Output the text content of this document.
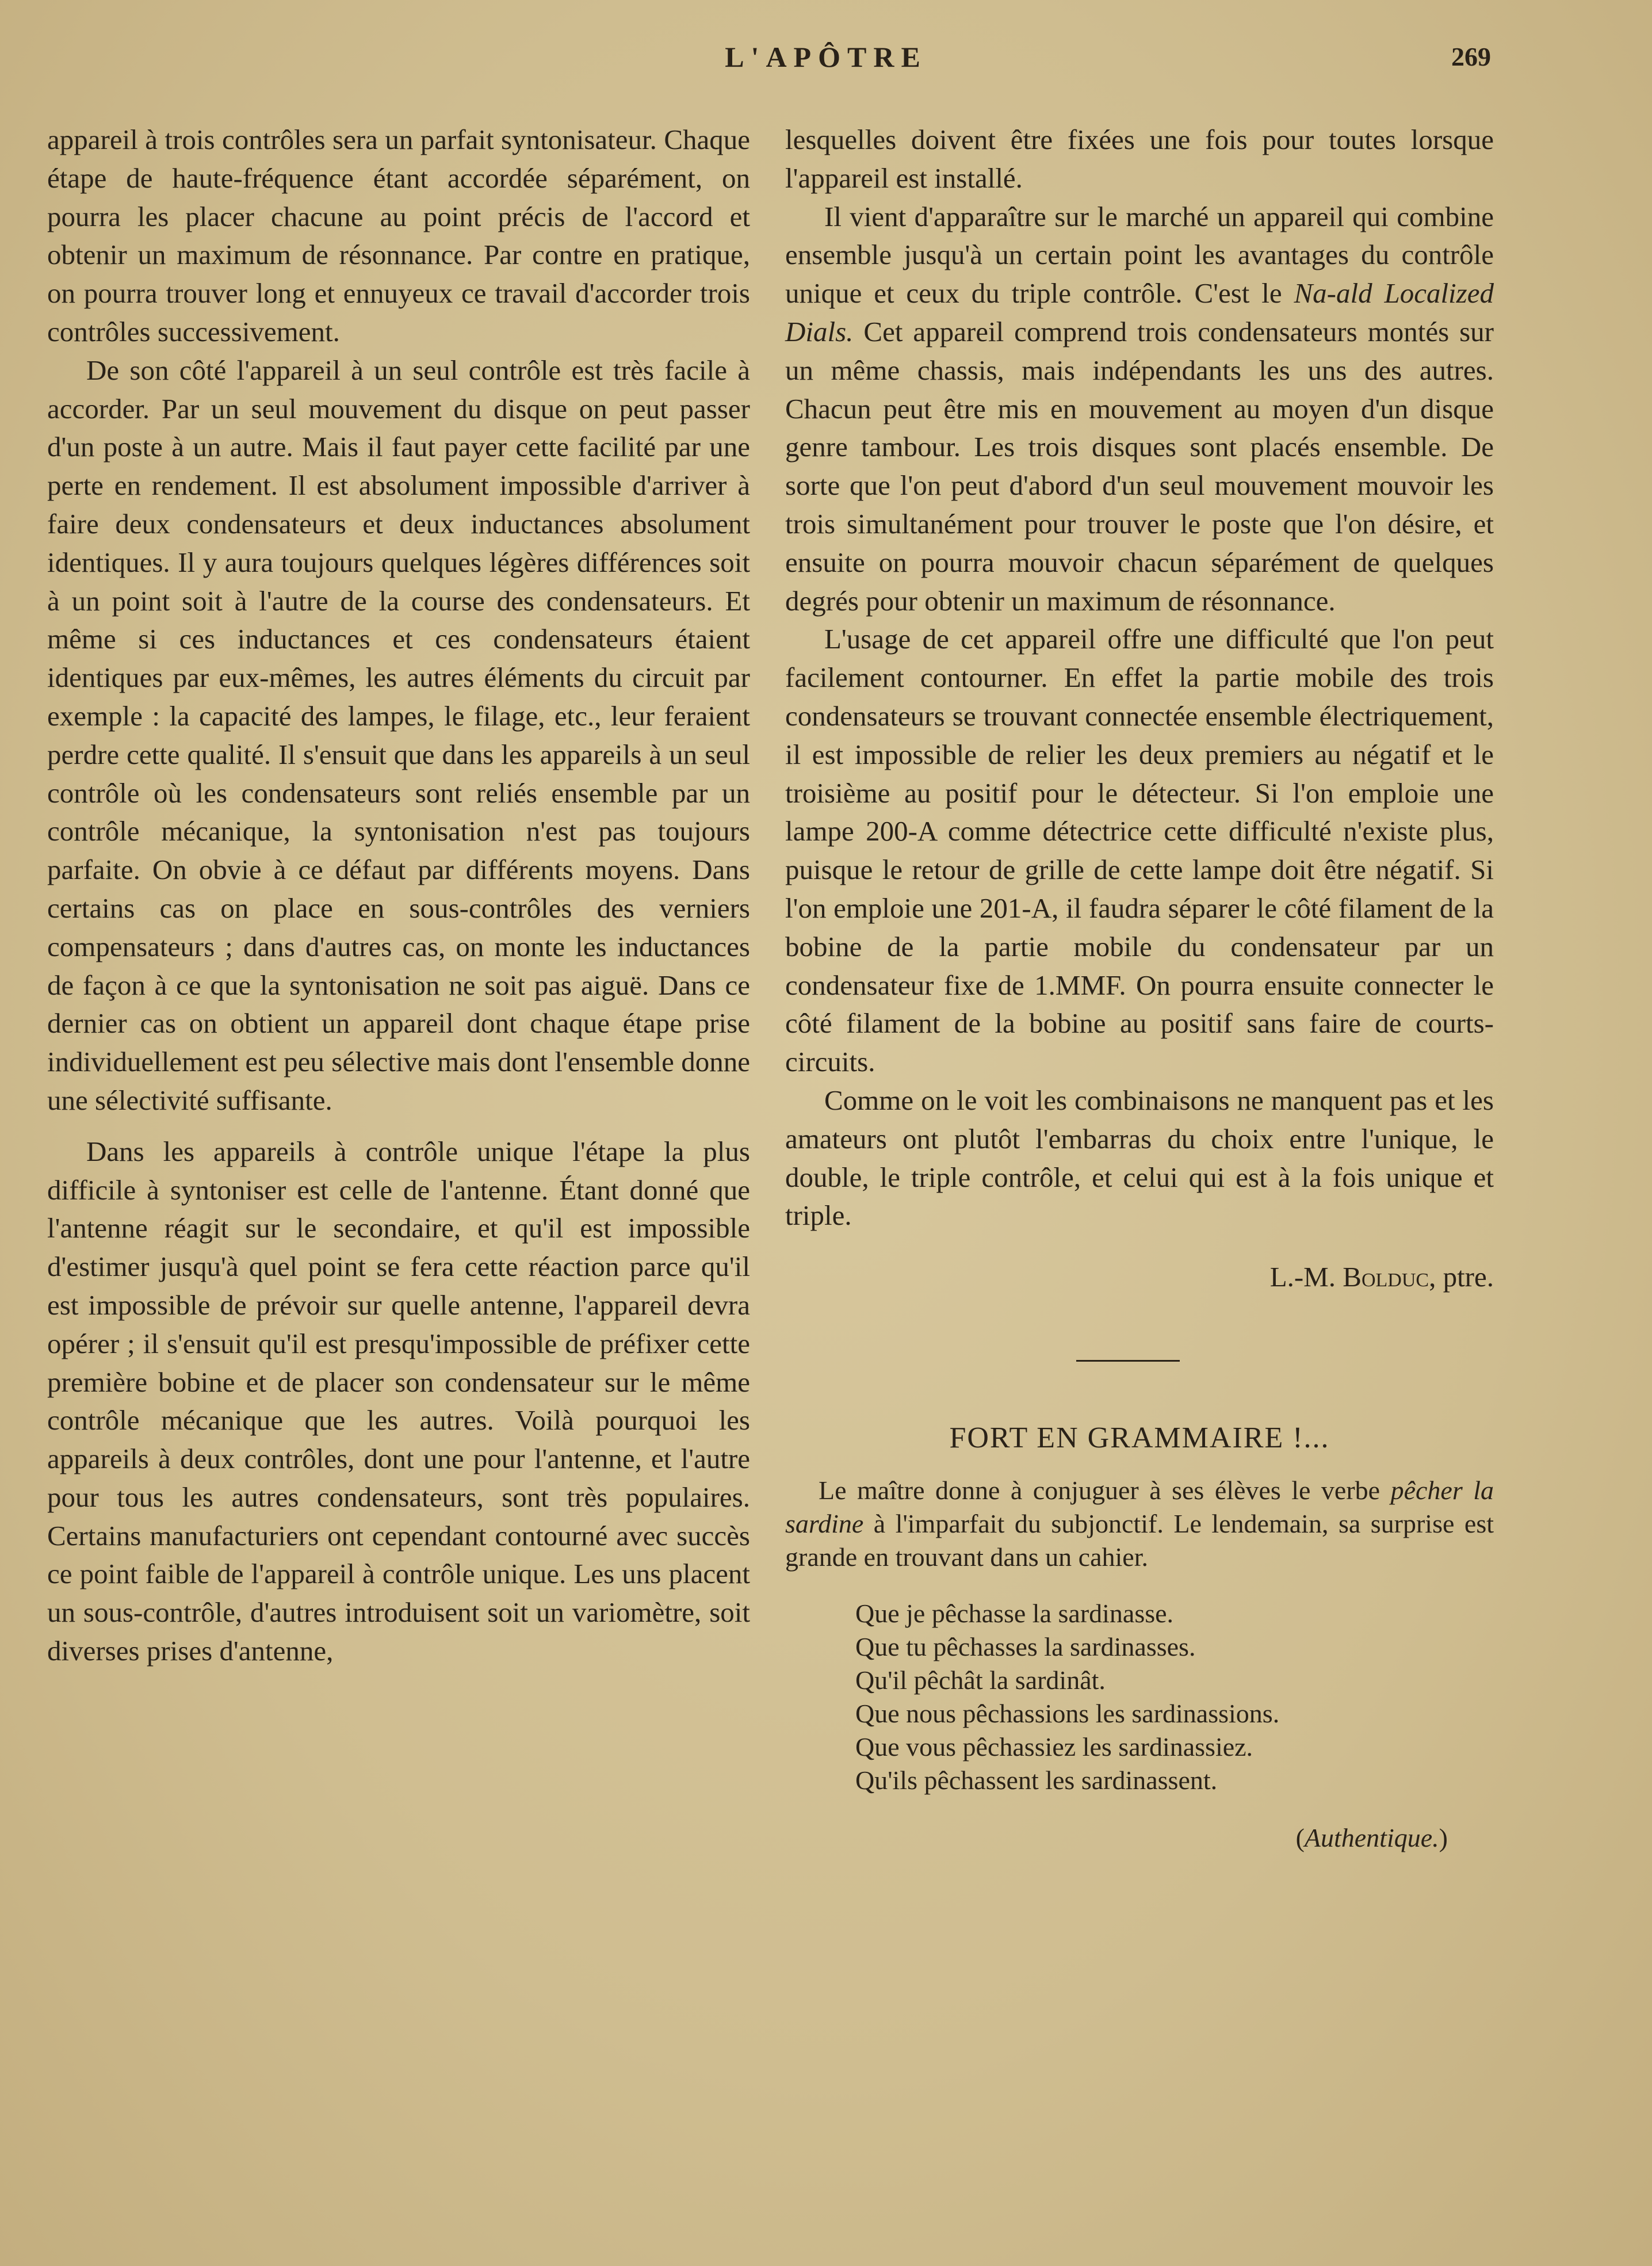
L'APÔTRE	269

appareil à trois contrôles sera un parfait syntonisateur. Chaque étape de haute-fréquence étant accordée séparément, on pourra les placer chacune au point précis de l'accord et obtenir un maximum de résonnance. Par contre en pratique, on pourra trouver long et ennuyeux ce travail d'accorder trois contrôles successivement.

De son côté l'appareil à un seul contrôle est très facile à accorder. Par un seul mouvement du disque on peut passer d'un poste à un autre. Mais il faut payer cette facilité par une perte en rendement. Il est absolument impossible d'arriver à faire deux condensateurs et deux inductances absolument identiques. Il y aura toujours quelques légères différences soit à un point soit à l'autre de la course des condensateurs. Et même si ces inductances et ces condensateurs étaient identiques par eux-mêmes, les autres éléments du circuit par exemple : la capacité des lampes, le filage, etc., leur feraient perdre cette qualité. Il s'ensuit que dans les appareils à un seul contrôle où les condensateurs sont reliés ensemble par un contrôle mécanique, la syntonisation n'est pas toujours parfaite. On obvie à ce défaut par différents moyens. Dans certains cas on place en sous-contrôles des verniers compensateurs ; dans d'autres cas, on monte les inductances de façon à ce que la syntonisation ne soit pas aiguë. Dans ce dernier cas on obtient un appareil dont chaque étape prise individuellement est peu sélective mais dont l'ensemble donne une sélectivité suffisante.

Dans les appareils à contrôle unique l'étape la plus difficile à syntoniser est celle de l'antenne. Étant donné que l'antenne réagit sur le secondaire, et qu'il est impossible d'estimer jusqu'à quel point se fera cette réaction parce qu'il est impossible de prévoir sur quelle antenne, l'appareil devra opérer ; il s'ensuit qu'il est presqu'impossible de préfixer cette première bobine et de placer son condensateur sur le même contrôle mécanique que les autres. Voilà pourquoi les appareils à deux contrôles, dont une pour l'antenne, et l'autre pour tous les autres condensateurs, sont très populaires. Certains manufacturiers ont cependant contourné avec succès ce point faible de l'appareil à contrôle unique. Les uns placent un sous-contrôle, d'autres introduisent soit un variomètre, soit diverses prises d'antenne,

lesquelles doivent être fixées une fois pour toutes lorsque l'appareil est installé.

Il vient d'apparaître sur le marché un appareil qui combine ensemble jusqu'à un certain point les avantages du contrôle unique et ceux du triple contrôle. C'est le Na-ald Localized Dials. Cet appareil comprend trois condensateurs montés sur un même chassis, mais indépendants les uns des autres. Chacun peut être mis en mouvement au moyen d'un disque genre tambour. Les trois disques sont placés ensemble. De sorte que l'on peut d'abord d'un seul mouvement mouvoir les trois simultanément pour trouver le poste que l'on désire, et ensuite on pourra mouvoir chacun séparément de quelques degrés pour obtenir un maximum de résonnance.

L'usage de cet appareil offre une difficulté que l'on peut facilement contourner. En effet la partie mobile des trois condensateurs se trouvant connectée ensemble électriquement, il est impossible de relier les deux premiers au négatif et le troisième au positif pour le détecteur. Si l'on emploie une lampe 200-A comme détectrice cette difficulté n'existe plus, puisque le retour de grille de cette lampe doit être négatif. Si l'on emploie une 201-A, il faudra séparer le côté filament de la bobine de la partie mobile du condensateur par un condensateur fixe de 1.MMF. On pourra ensuite connecter le côté filament de la bobine au positif sans faire de courts-circuits.

Comme on le voit les combinaisons ne manquent pas et les amateurs ont plutôt l'embarras du choix entre l'unique, le double, le triple contrôle, et celui qui est à la fois unique et triple.

L.-M. Bolduc, ptre.
FORT EN GRAMMAIRE !...

Le maître donne à conjuguer à ses élèves le verbe pêcher la sardine à l'imparfait du subjonctif. Le lendemain, sa surprise est grande en trouvant dans un cahier.

Que je pêchasse la sardinasse.
Que tu pêchasses la sardinasses.
Qu'il pêchât la sardinât.
Que nous pêchassions les sardinassions.
Que vous pêchassiez les sardinassiez.
Qu'ils pêchassent les sardinassent.
(Authentique.)
